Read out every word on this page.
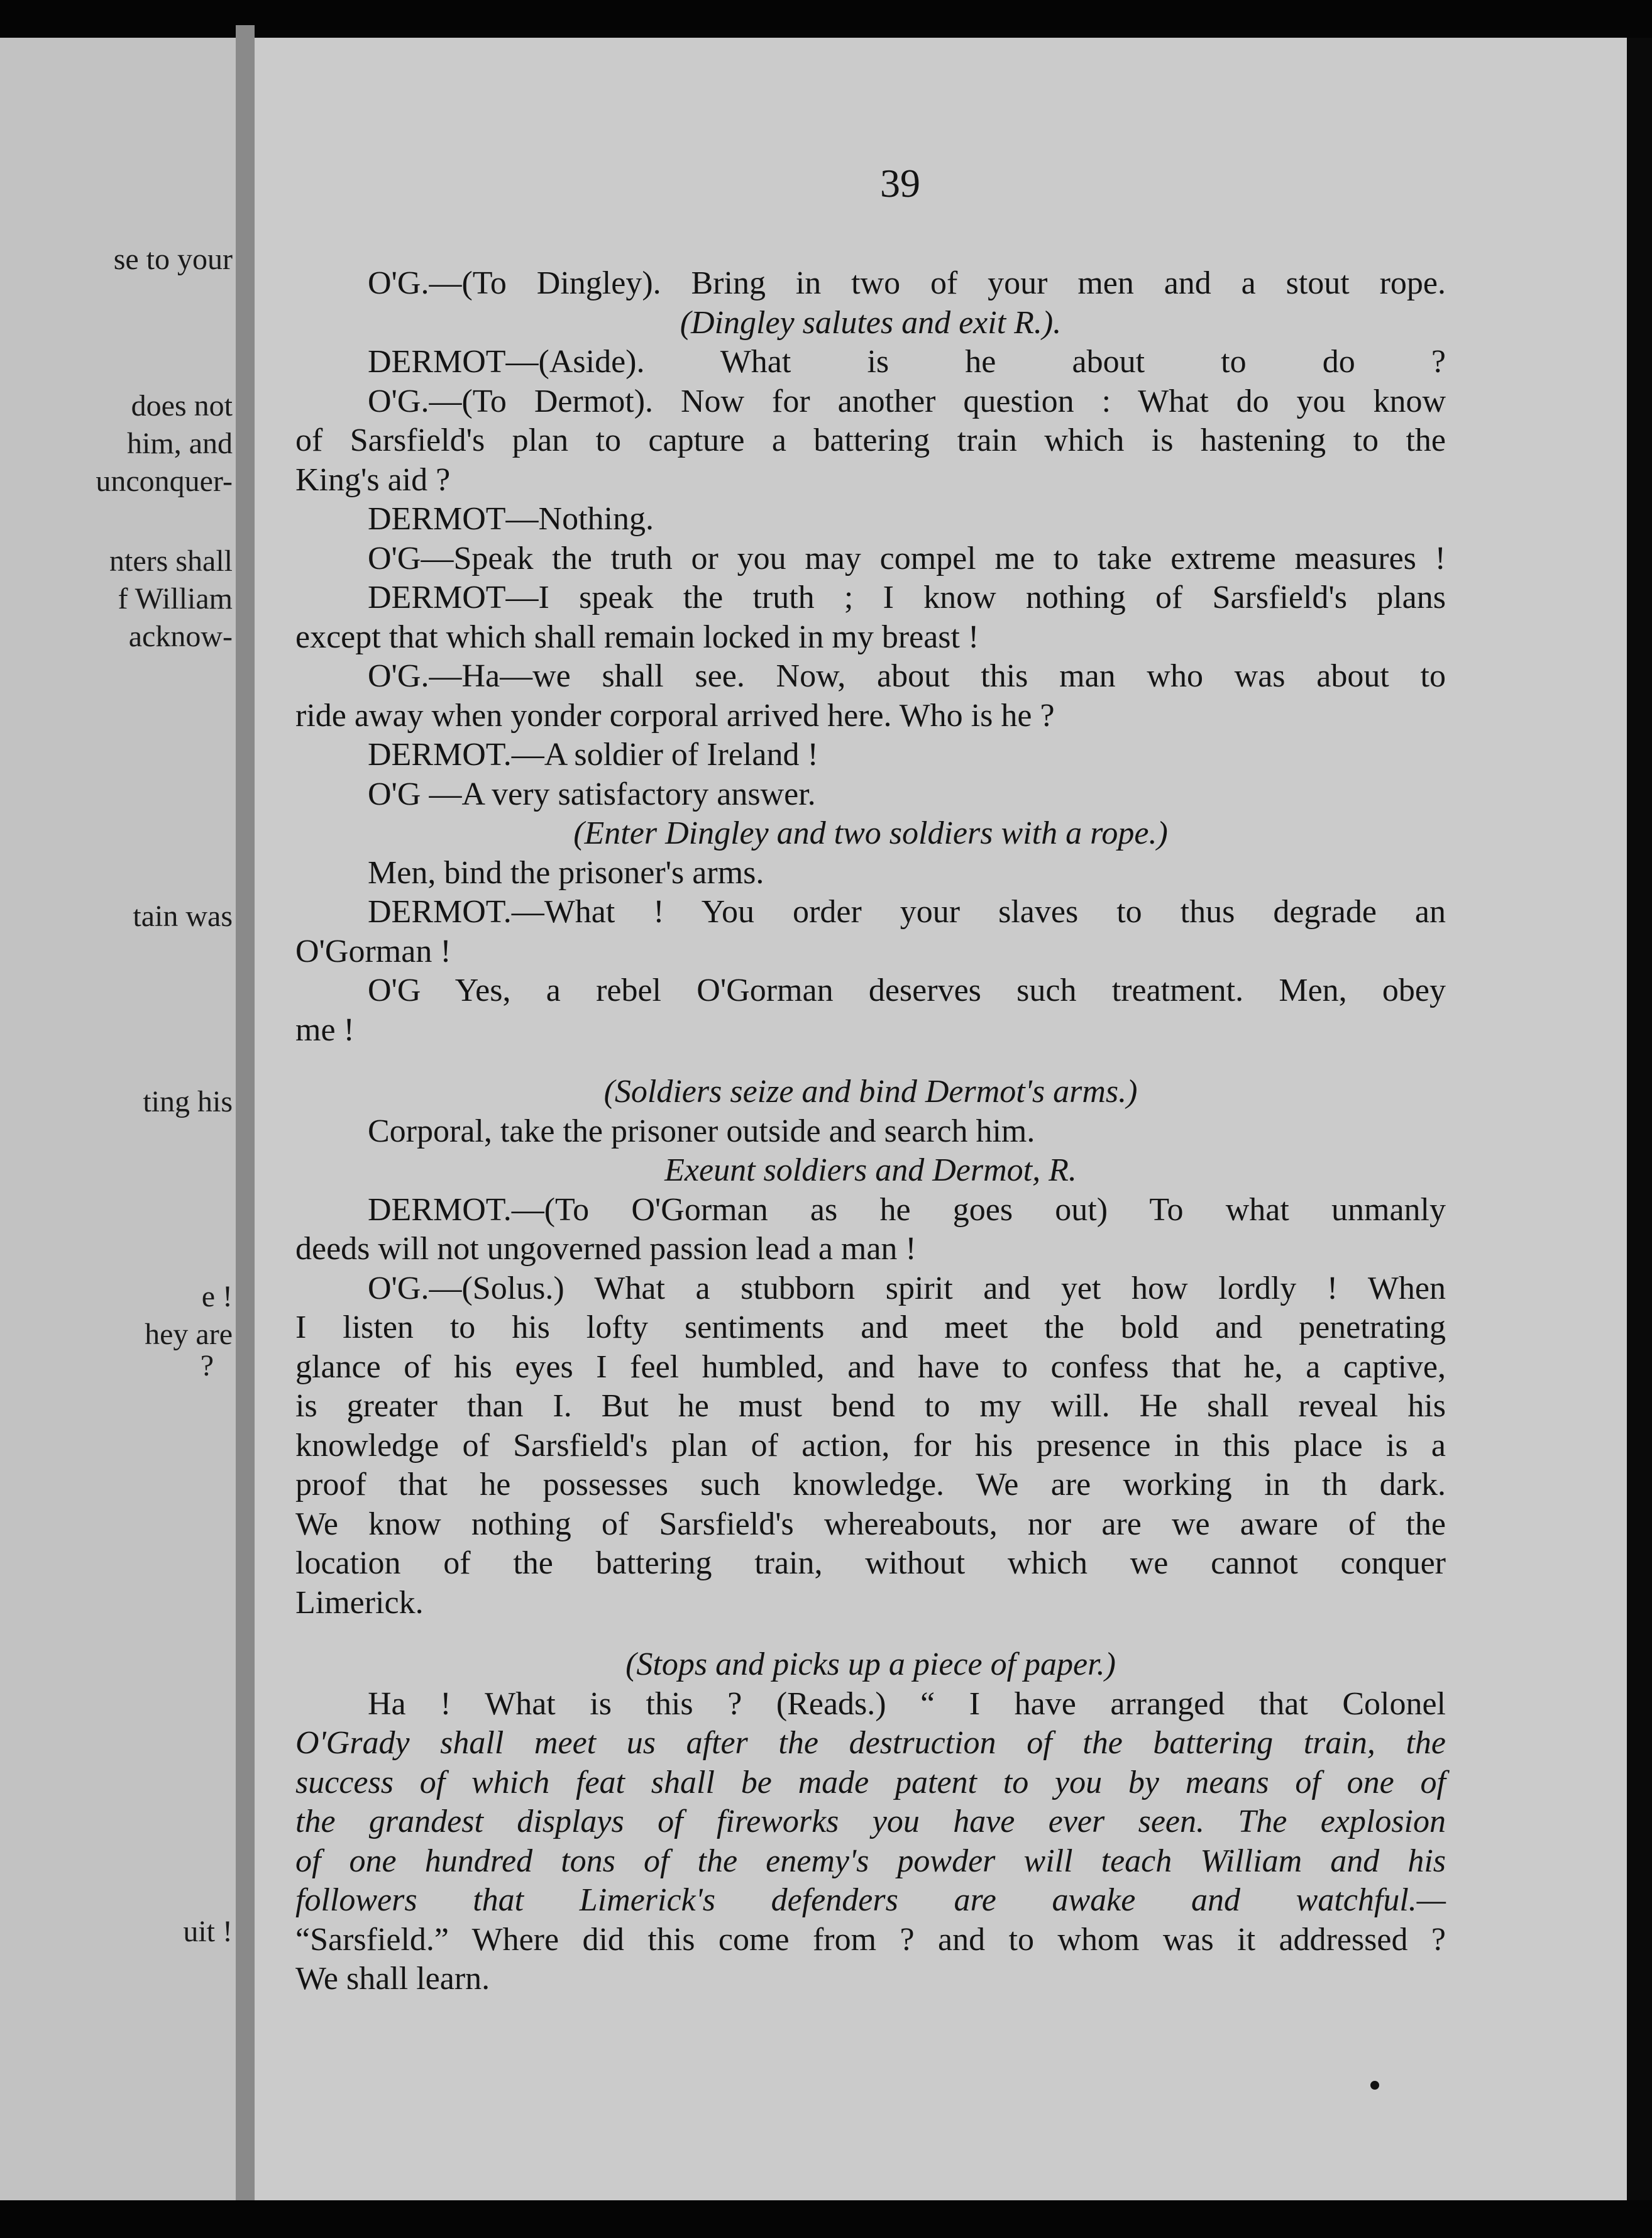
se to your
does not
him, and
unconquer-
nters shall
f William
acknow-
tain was
ting his
e !
hey are
?
uit !
39
O'G.—(To Dingley). Bring in two of your men and a stout rope.
(Dingley salutes and exit R.).
DERMOT—(Aside). What is he about to do ?
O'G.—(To Dermot). Now for another question : What do you know
of Sarsfield's plan to capture a battering train which is hastening to the
King's aid ?
DERMOT—Nothing.
O'G—Speak the truth or you may compel me to take extreme measures !
DERMOT—I speak the truth ; I know nothing of Sarsfield's plans
except that which shall remain locked in my breast !
O'G.—Ha—we shall see. Now, about this man who was about to
ride away when yonder corporal arrived here. Who is he ?
DERMOT.—A soldier of Ireland !
O'G —A very satisfactory answer.
(Enter Dingley and two soldiers with a rope.)
Men, bind the prisoner's arms.
DERMOT.—What ! You order your slaves to thus degrade an
O'Gorman !
O'G Yes, a rebel O'Gorman deserves such treatment. Men, obey
me !
(Soldiers seize and bind Dermot's arms.)
Corporal, take the prisoner outside and search him.
Exeunt soldiers and Dermot, R.
DERMOT.—(To O'Gorman as he goes out) To what unmanly
deeds will not ungoverned passion lead a man !
O'G.—(Solus.) What a stubborn spirit and yet how lordly ! When
I listen to his lofty sentiments and meet the bold and penetrating
glance of his eyes I feel humbled, and have to confess that he, a captive,
is greater than I. But he must bend to my will. He shall reveal his
knowledge of Sarsfield's plan of action, for his presence in this place is a
proof that he possesses such knowledge. We are working in th dark.
We know nothing of Sarsfield's whereabouts, nor are we aware of the
location of the battering train, without which we cannot conquer
Limerick.
(Stops and picks up a piece of paper.)
Ha ! What is this ? (Reads.) “ I have arranged that Colonel
O'Grady shall meet us after the destruction of the battering train, the
success of which feat shall be made patent to you by means of one of
the grandest displays of fireworks you have ever seen. The explosion
of one hundred tons of the enemy's powder will teach William and his
followers that Limerick's defenders are awake and watchful.—
“Sarsfield.” Where did this come from ? and to whom was it addressed ?
We shall learn.
